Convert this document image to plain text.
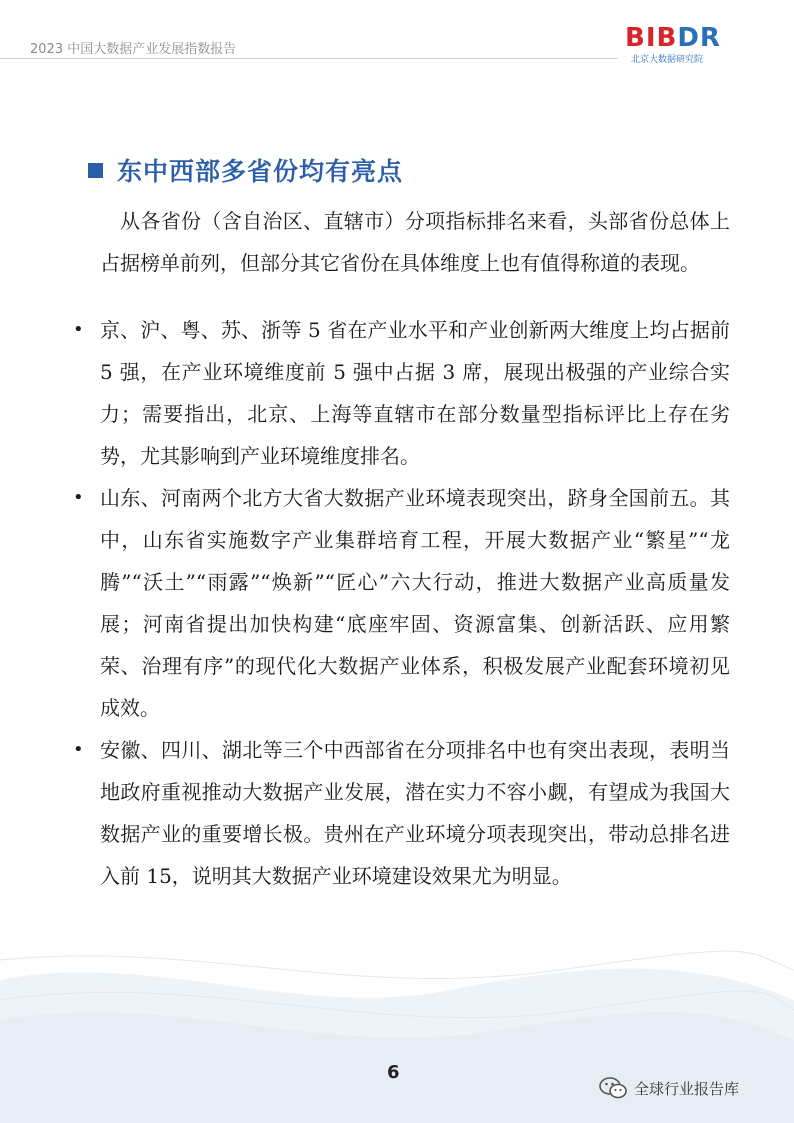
2023 中国大数据产业发展指数报告	BIBDR
北京大数据研究院
东中西部多省份均有亮点

从各省份（含自治区、直辖市）分项指标排名来看，头部省份总体上占据榜单前列，但部分其它省份在具体维度上也有值得称道的表现。

• 京、沪、粤、苏、浙等 5 省在产业水平和产业创新两大维度上均占据前 5 强，在产业环境维度前 5 强中占据 3 席，展现出极强的产业综合实力；需要指出，北京、上海等直辖市在部分数量型指标评比上存在劣势，尤其影响到产业环境维度排名。
• 山东、河南两个北方大省大数据产业环境表现突出，跻身全国前五。其中，山东省实施数字产业集群培育工程，开展大数据产业“繁星”“龙腾”“沃土”“雨露”“焕新”“匠心”六大行动，推进大数据产业高质量发展；河南省提出加快构建“底座牢固、资源富集、创新活跃、应用繁荣、治理有序”的现代化大数据产业体系，积极发展产业配套环境初见成效。
• 安徽、四川、湖北等三个中西部省在分项排名中也有突出表现，表明当地政府重视推动大数据产业发展，潜在实力不容小觑，有望成为我国大数据产业的重要增长极。贵州在产业环境分项表现突出，带动总排名进入前 15，说明其大数据产业环境建设效果尤为明显。
6
全球行业报告库
